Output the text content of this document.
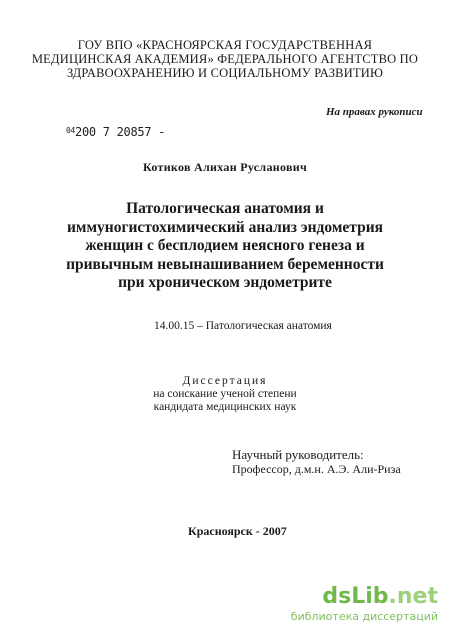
ГОУ ВПО «КРАСНОЯРСКАЯ ГОСУДАРСТВЕННАЯ
МЕДИЦИНСКАЯ АКАДЕМИЯ» ФЕДЕРАЛЬНОГО АГЕНТСТВО ПО
ЗДРАВООХРАНЕНИЮ И СОЦИАЛЬНОМУ РАЗВИТИЮ
На правах рукописи
$^{04}$200 7 20857 -
Котиков Алихан Русланович
Патологическая анатомия и
иммуногистохимический анализ эндометрия
женщин с бесплодием неясного генеза и
привычным невынашиванием беременности
при хроническом эндометрите
14.00.15 – Патологическая анатомия
Диссертация
на соискание ученой степени
кандидата медицинских наук
Научный руководитель:
Профессор, д.м.н. А.Э. Али-Риза
Красноярск - 2007
dsLib.net
библиотека диссертаций
